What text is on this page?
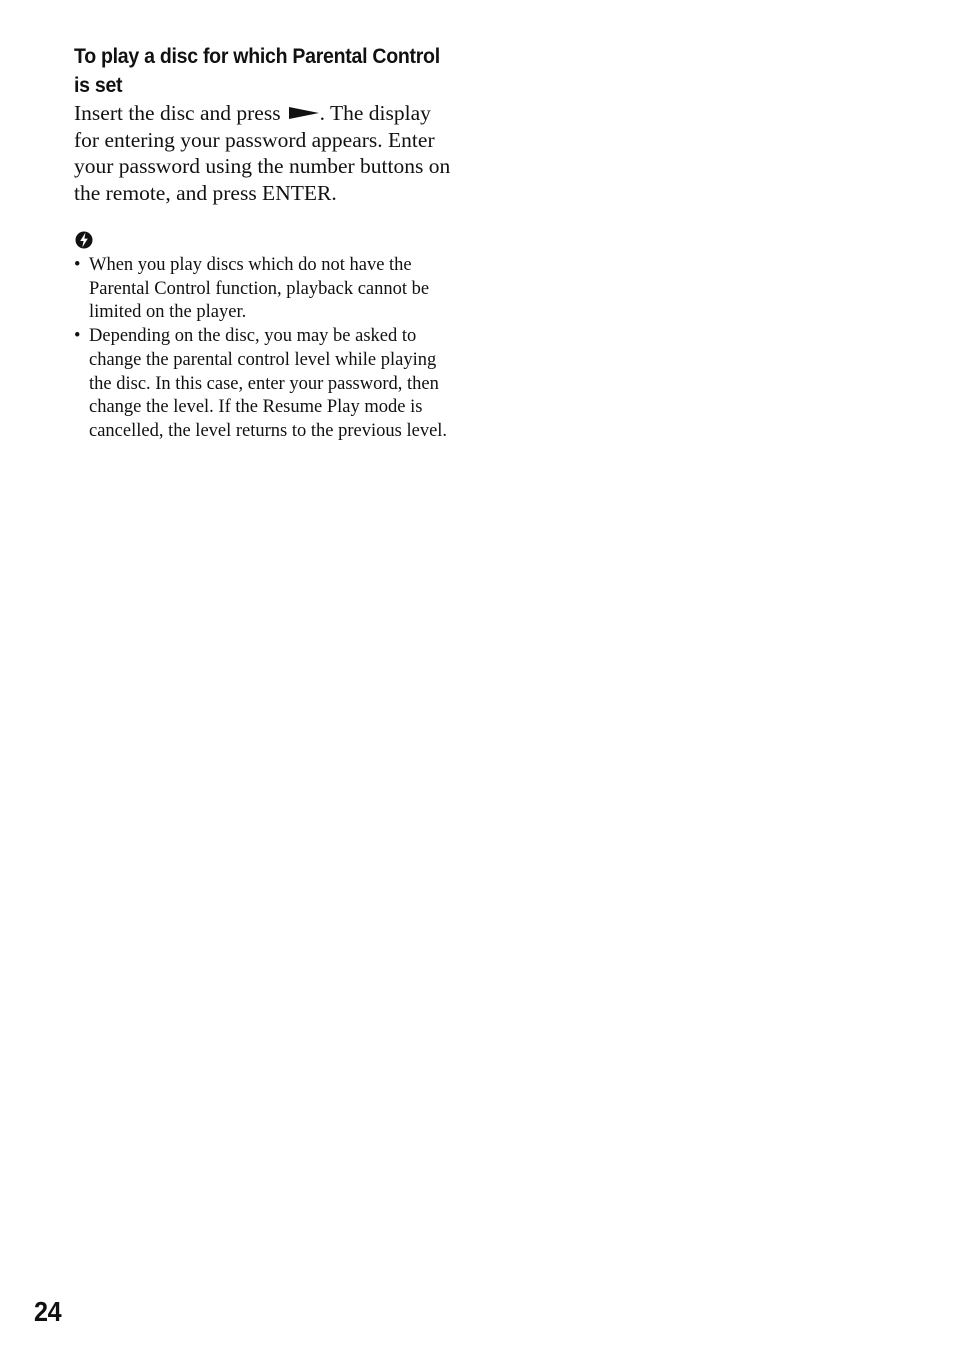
To play a disc for which Parental Control is set

Insert the disc and press . The display for entering your password appears. Enter your password using the number buttons on the remote, and press ENTER.

• When you play discs which do not have the Parental Control function, playback cannot be limited on the player.
• Depending on the disc, you may be asked to change the parental control level while playing the disc. In this case, enter your password, then change the level. If the Resume Play mode is cancelled, the level returns to the previous level.
24
